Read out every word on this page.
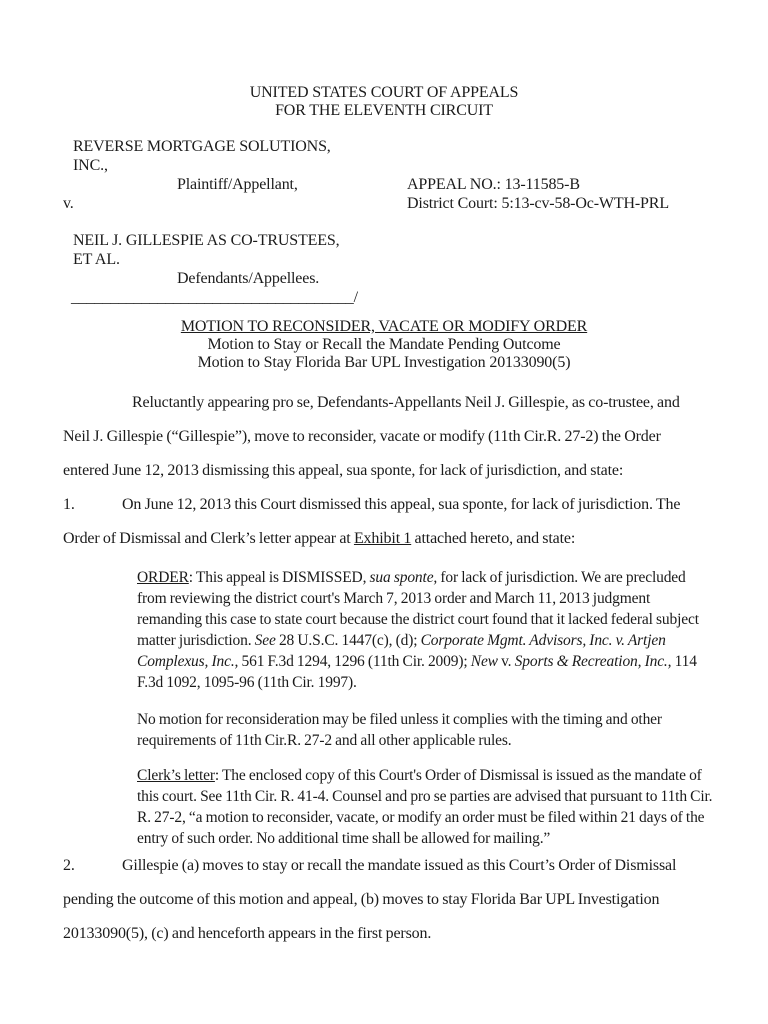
UNITED STATES COURT OF APPEALS
FOR THE ELEVENTH CIRCUIT
REVERSE MORTGAGE SOLUTIONS,
INC.,
Plaintiff/Appellant,
v.
APPEAL NO.: 13-11585-B
District Court: 5:13-cv-58-Oc-WTH-PRL
NEIL J. GILLESPIE AS CO-TRUSTEES,
ET AL.
Defendants/Appellees.
____________________________________/
MOTION TO RECONSIDER, VACATE OR MODIFY ORDER
Motion to Stay or Recall the Mandate Pending Outcome
Motion to Stay Florida Bar UPL Investigation 20133090(5)

Reluctantly appearing pro se, Defendants-Appellants Neil J. Gillespie, as co-trustee, and Neil J. Gillespie (“Gillespie”), move to reconsider, vacate or modify (11th Cir.R. 27-2) the Order entered June 12, 2013 dismissing this appeal, sua sponte, for lack of jurisdiction, and state:

1.	On June 12, 2013 this Court dismissed this appeal, sua sponte, for lack of jurisdiction. The Order of Dismissal and Clerk’s letter appear at Exhibit 1 attached hereto, and state:

ORDER: This appeal is DISMISSED, sua sponte, for lack of jurisdiction. We are precluded from reviewing the district court's March 7, 2013 order and March 11, 2013 judgment remanding this case to state court because the district court found that it lacked federal subject matter jurisdiction. See 28 U.S.C. 1447(c), (d); Corporate Mgmt. Advisors, Inc. v. Artjen Complexus, Inc., 561 F.3d 1294, 1296 (11th Cir. 2009); New v. Sports & Recreation, Inc., 114 F.3d 1092, 1095-96 (11th Cir. 1997).
No motion for reconsideration may be filed unless it complies with the timing and other requirements of 11th Cir.R. 27-2 and all other applicable rules.
Clerk’s letter: The enclosed copy of this Court's Order of Dismissal is issued as the mandate of this court. See 11th Cir. R. 41-4. Counsel and pro se parties are advised that pursuant to 11th Cir. R. 27-2, “a motion to reconsider, vacate, or modify an order must be filed within 21 days of the entry of such order. No additional time shall be allowed for mailing.”

2.	Gillespie (a) moves to stay or recall the mandate issued as this Court’s Order of Dismissal pending the outcome of this motion and appeal, (b) moves to stay Florida Bar UPL Investigation 20133090(5), (c) and henceforth appears in the first person.
